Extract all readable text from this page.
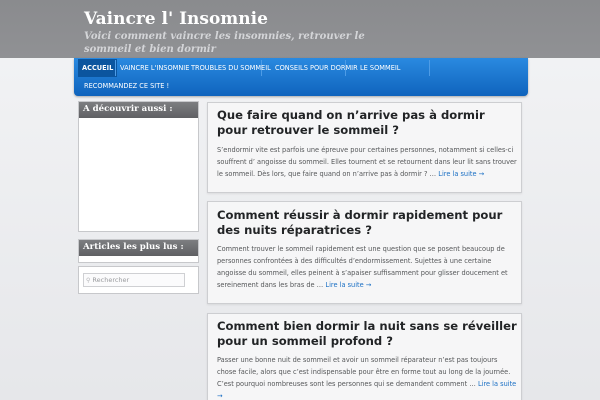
Vaincre l' Insomnie
Voici comment vaincre les insomnies, retrouver le sommeil et bien dormir
ACCUEIL	VAINCRE L'INSOMNIE TROUBLES DU SOMMEIL CONSEILS POUR DORMIR LE SOMMEIL
RECOMMANDEZ CE SITE !
A découvrir aussi :
Articles les plus lus :
⚲ Rechercher
Que faire quand on n’arrive pas à dormir pour retrouver le sommeil ?

S’endormir vite est parfois une épreuve pour certaines personnes, notamment si celles-ci souffrent d’ angoisse du sommeil. Elles tournent et se retournent dans leur lit sans trouver le sommeil. Dès lors, que faire quand on n’arrive pas à dormir ? … Lire la suite →

Comment réussir à dormir rapidement pour des nuits réparatrices ?

Comment trouver le sommeil rapidement est une question que se posent beaucoup de personnes confrontées à des difficultés d’endormissement. Sujettes à une certaine angoisse du sommeil, elles peinent à s’apaiser suffisamment pour glisser doucement et sereinement dans les bras de … Lire la suite →

Comment bien dormir la nuit sans se réveiller pour un sommeil profond ?

Passer une bonne nuit de sommeil et avoir un sommeil réparateur n’est pas toujours chose facile, alors que c’est indispensable pour être en forme tout au long de la journée. C’est pourquoi nombreuses sont les personnes qui se demandent comment … Lire la suite →
